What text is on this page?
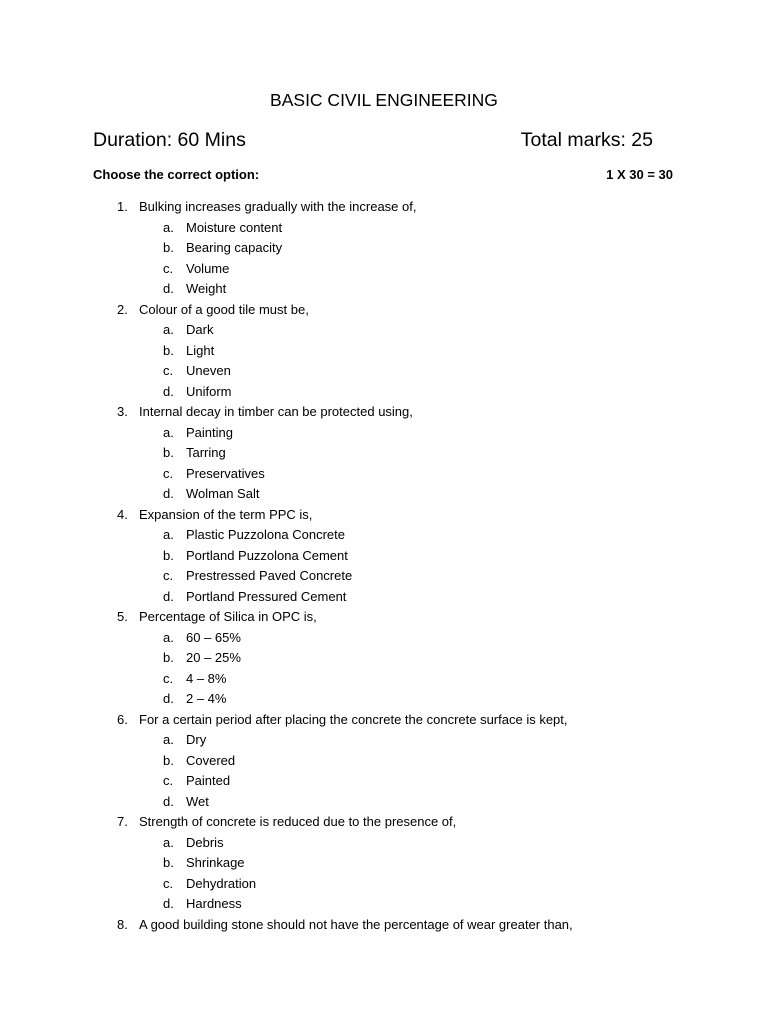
BASIC CIVIL ENGINEERING
Duration: 60 Mins	Total marks: 25
Choose the correct option:	1 X 30 = 30
1. Bulking increases gradually with the increase of,
a. Moisture content
b. Bearing capacity
c. Volume
d. Weight
2. Colour of a good tile must be,
a. Dark
b. Light
c. Uneven
d. Uniform
3. Internal decay in timber can be protected using,
a. Painting
b. Tarring
c. Preservatives
d. Wolman Salt
4. Expansion of the term PPC is,
a. Plastic Puzzolona Concrete
b. Portland Puzzolona Cement
c. Prestressed Paved Concrete
d. Portland Pressured Cement
5. Percentage of Silica in OPC is,
a. 60 – 65%
b. 20 – 25%
c. 4 – 8%
d. 2 – 4%
6. For a certain period after placing the concrete the concrete surface is kept,
a. Dry
b. Covered
c. Painted
d. Wet
7. Strength of concrete is reduced due to the presence of,
a. Debris
b. Shrinkage
c. Dehydration
d. Hardness
8. A good building stone should not have the percentage of wear greater than,
